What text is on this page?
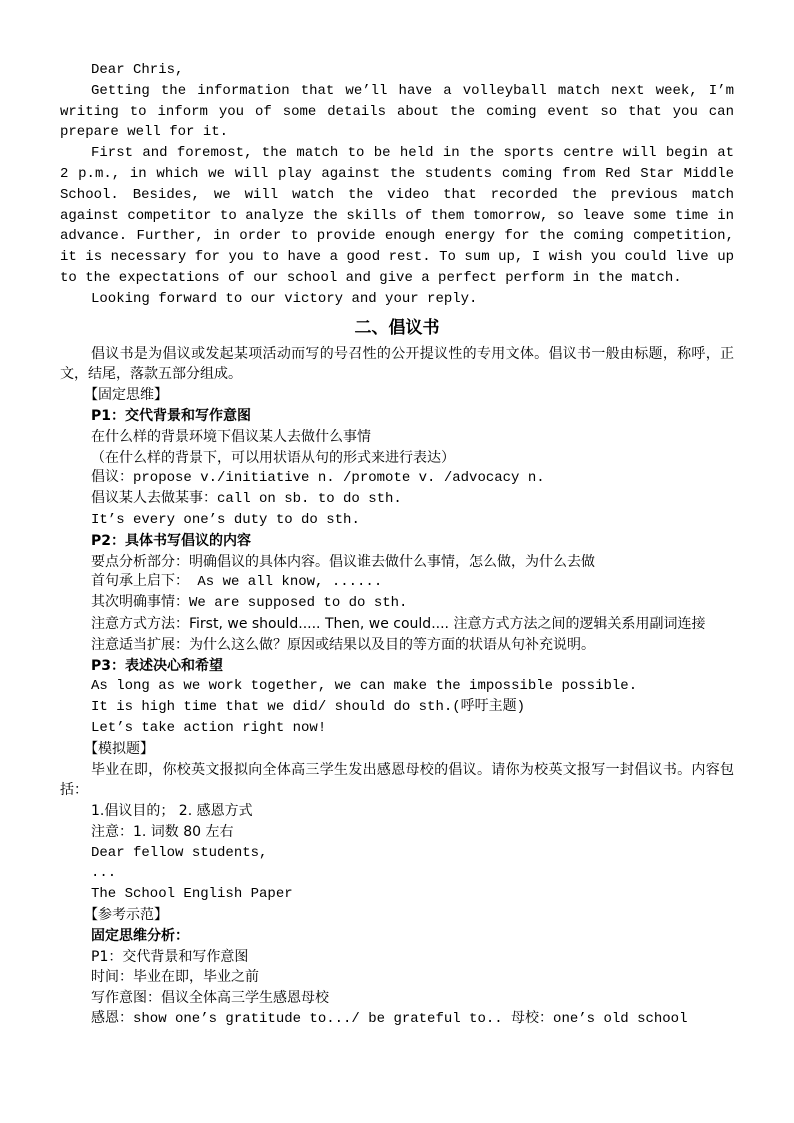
Dear Chris,

Getting the information that we’ll have a volleyball match next week, I’m writing to inform you of some details about the coming event so that you can prepare well for it.

First and foremost, the match to be held in the sports centre will begin at 2 p.m., in which we will play against the students coming from Red Star Middle School. Besides, we will watch the video that recorded the previous match against competitor to analyze the skills of them tomorrow, so leave some time in advance. Further, in order to provide enough energy for the coming competition, it is necessary for you to have a good rest. To sum up, I wish you could live up to the expectations of our school and give a perfect perform in the match.

Looking forward to our victory and your reply.

二、倡议书

倡议书是为倡议或发起某项活动而写的号召性的公开提议性的专用文体。倡议书一般由标题，称呼，正文，结尾，落款五部分组成。

【固定思维】

P1：交代背景和写作意图

在什么样的背景环境下倡议某人去做什么事情

（在什么样的背景下，可以用状语从句的形式来进行表达）

倡议：propose v./initiative n. /promote v. /advocacy n.

倡议某人去做某事：call on sb. to do sth.

It’s every one’s duty to do sth.

P2：具体书写倡议的内容

要点分析部分：明确倡议的具体内容。倡议谁去做什么事情，怎么做，为什么去做

首句承上启下： As we all know, ......

其次明确事情：We are supposed to do sth.

注意方式方法：First, we should..... Then, we could.... 注意方式方法之间的逻辑关系用副词连接

注意适当扩展：为什么这么做？原因或结果以及目的等方面的状语从句补充说明。

P3：表述决心和希望

As long as we work together, we can make the impossible possible.

It is high time that we did/ should do sth.(呼吁主题)

Let’s take action right now!

【模拟题】

毕业在即，你校英文报拟向全体高三学生发出感恩母校的倡议。请你为校英文报写一封倡议书。内容包括：

1.倡议目的； 2. 感恩方式

注意：1. 词数 80 左右

Dear fellow students,

...

The School English Paper

【参考示范】

固定思维分析：

P1：交代背景和写作意图

时间：毕业在即，毕业之前

写作意图：倡议全体高三学生感恩母校

感恩：show one’s gratitude to.../ be grateful to.. 母校：one’s old school
